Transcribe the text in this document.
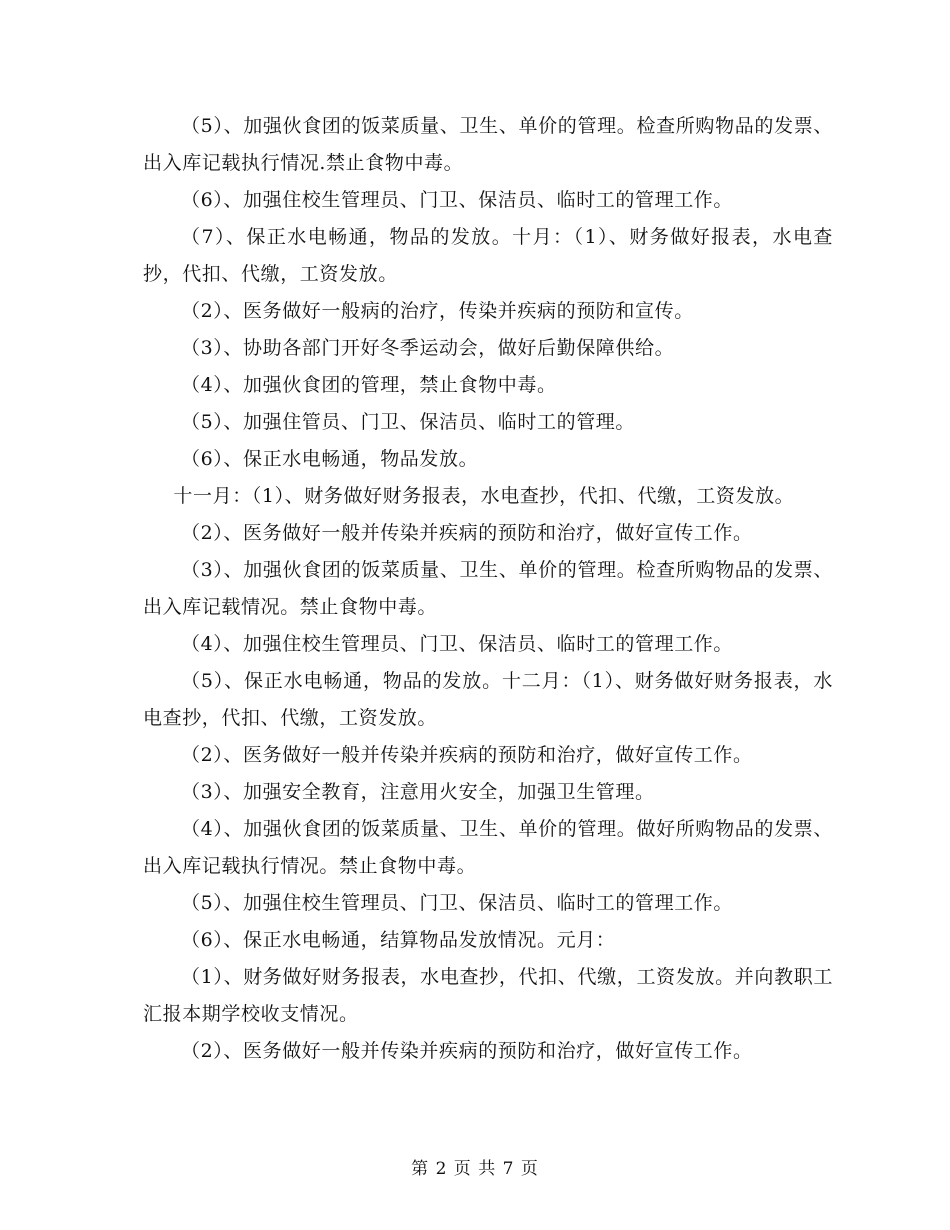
（5）、加强伙食团的饭菜质量、卫生、单价的管理。检查所购物品的发票、出入库记载执行情况.禁止食物中毒。

（6）、加强住校生管理员、门卫、保洁员、临时工的管理工作。

（7）、保正水电畅通，物品的发放。十月：（1）、财务做好报表，水电查抄，代扣、代缴，工资发放。

（2）、医务做好一般病的治疗，传染并疾病的预防和宣传。

（3）、协助各部门开好冬季运动会，做好后勤保障供给。

（4）、加强伙食团的管理，禁止食物中毒。

（5）、加强住管员、门卫、保洁员、临时工的管理。

（6）、保正水电畅通，物品发放。

十一月：（1）、财务做好财务报表，水电查抄，代扣、代缴，工资发放。

（2）、医务做好一般并传染并疾病的预防和治疗，做好宣传工作。

（3）、加强伙食团的饭菜质量、卫生、单价的管理。检查所购物品的发票、出入库记载情况。禁止食物中毒。

（4）、加强住校生管理员、门卫、保洁员、临时工的管理工作。

（5）、保正水电畅通，物品的发放。十二月：（1）、财务做好财务报表，水电查抄，代扣、代缴，工资发放。

（2）、医务做好一般并传染并疾病的预防和治疗，做好宣传工作。

（3）、加强安全教育，注意用火安全，加强卫生管理。

（4）、加强伙食团的饭菜质量、卫生、单价的管理。做好所购物品的发票、出入库记载执行情况。禁止食物中毒。

（5）、加强住校生管理员、门卫、保洁员、临时工的管理工作。

（6）、保正水电畅通，结算物品发放情况。元月：

（1）、财务做好财务报表，水电查抄，代扣、代缴，工资发放。并向教职工汇报本期学校收支情况。

（2）、医务做好一般并传染并疾病的预防和治疗，做好宣传工作。

第 2 页 共 7 页
